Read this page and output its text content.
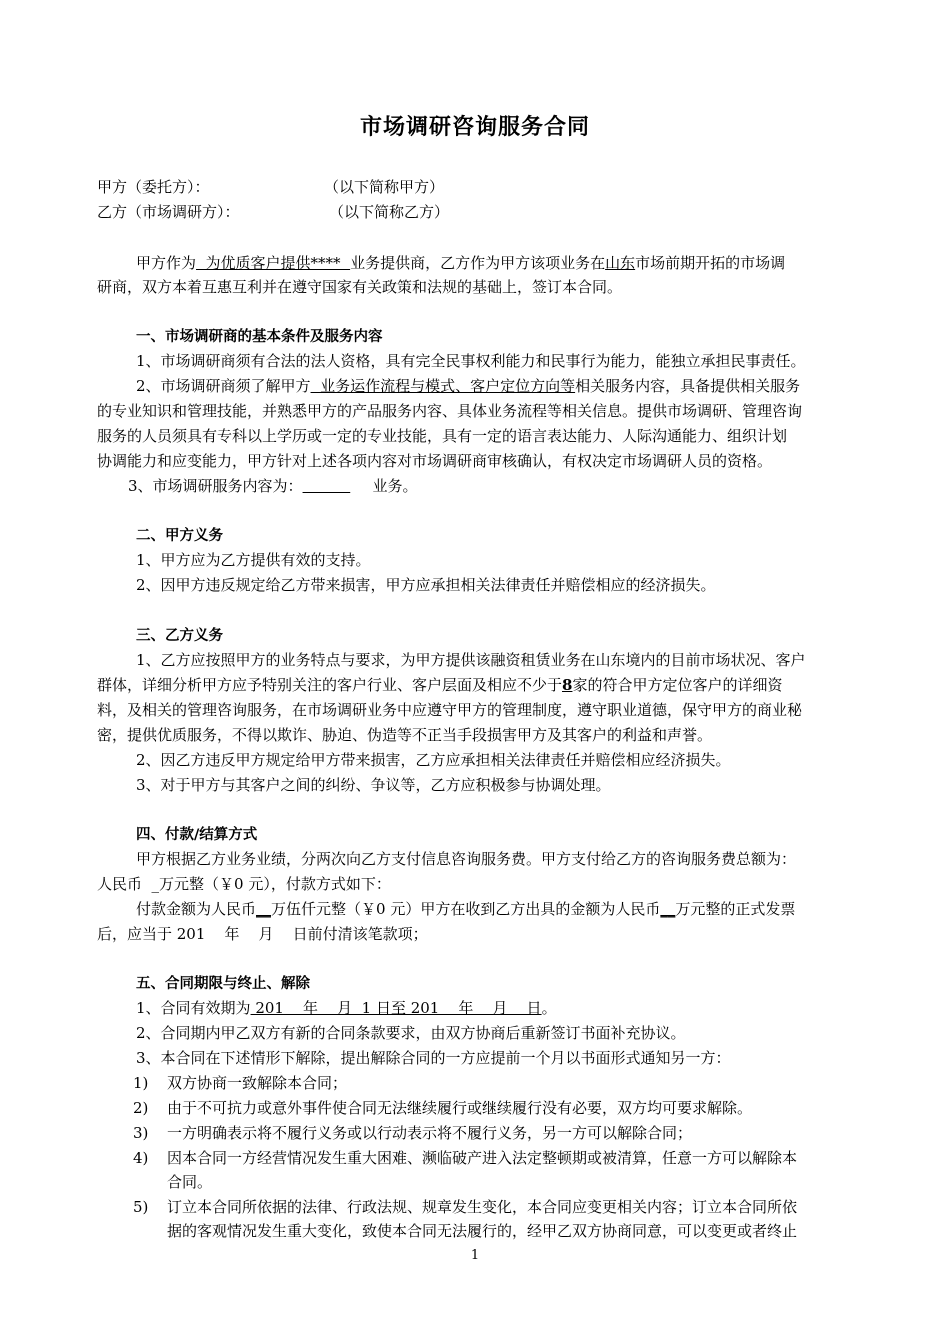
市场调研咨询服务合同
甲方（委托方）：	（以下简称甲方）
乙方（市场调研方）：	（以下简称乙方）
甲方作为  为优质客户提供****  业务提供商，乙方作为甲方该项业务在山东市场前期开拓的市场调
研商，双方本着互惠互利并在遵守国家有关政策和法规的基础上，签订本合同。
一、市场调研商的基本条件及服务内容
1、市场调研商须有合法的法人资格，具有完全民事权利能力和民事行为能力，能独立承担民事责任。
2、市场调研商须了解甲方  业务运作流程与模式、客户定位方向等相关服务内容，具备提供相关服务
的专业知识和管理技能，并熟悉甲方的产品服务内容、具体业务流程等相关信息。提供市场调研、管理咨询
服务的人员须具有专科以上学历或一定的专业技能，具有一定的语言表达能力、人际沟通能力、组织计划
协调能力和应变能力，甲方针对上述各项内容对市场调研商审核确认，有权决定市场调研人员的资格。
3、市场调研服务内容为：	业务。
二、甲方义务
1、甲方应为乙方提供有效的支持。
2、因甲方违反规定给乙方带来损害，甲方应承担相关法律责任并赔偿相应的经济损失。
三、乙方义务
1、乙方应按照甲方的业务特点与要求，为甲方提供该融资租赁业务在山东境内的目前市场状况、客户
群体，详细分析甲方应予特别关注的客户行业、客户层面及相应不少于8家的符合甲方定位客户的详细资
料，及相关的管理咨询服务，在市场调研业务中应遵守甲方的管理制度，遵守职业道德，保守甲方的商业秘
密，提供优质服务，不得以欺诈、胁迫、伪造等不正当手段损害甲方及其客户的利益和声誉。
2、因乙方违反甲方规定给甲方带来损害，乙方应承担相关法律责任并赔偿相应经济损失。
3、对于甲方与其客户之间的纠纷、争议等，乙方应积极参与协调处理。
四、付款/结算方式
甲方根据乙方业务业绩，分两次向乙方支付信息咨询服务费。甲方支付给乙方的咨询服务费总额为：
人民币  _万元整（￥0 元），付款方式如下：
付款金额为人民币__万伍仟元整（￥0 元）甲方在收到乙方出具的金额为人民币__万元整的正式发票
后，应当于 201    年    月    日前付清该笔款项；
五、合同期限与终止、解除
1、合同有效期为 201    年    月  1 日至 201    年    月    日。
2、合同期内甲乙双方有新的合同条款要求，由双方协商后重新签订书面补充协议。
3、本合同在下述情形下解除，提出解除合同的一方应提前一个月以书面形式通知另一方：
1) 双方协商一致解除本合同；
2) 由于不可抗力或意外事件使合同无法继续履行或继续履行没有必要，双方均可要求解除。
3) 一方明确表示将不履行义务或以行动表示将不履行义务，另一方可以解除合同；
4) 因本合同一方经营情况发生重大困难、濒临破产进入法定整顿期或被清算，任意一方可以解除本
合同。
5) 订立本合同所依据的法律、行政法规、规章发生变化，本合同应变更相关内容；订立本合同所依
据的客观情况发生重大变化，致使本合同无法履行的，经甲乙双方协商同意，可以变更或者终止
1
